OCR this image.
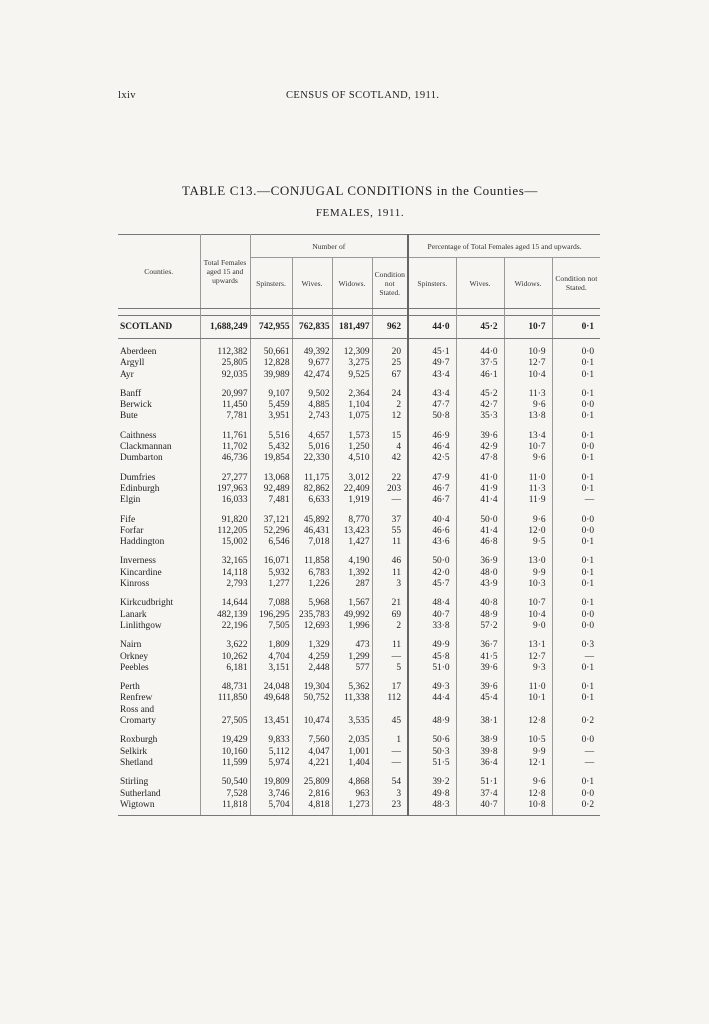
lxiv	CENSUS OF SCOTLAND, 1911.
TABLE C13.—CONJUGAL CONDITIONS in the Counties—
FEMALES, 1911.
Counties.	Total Females aged 15 and upwards	Number of				Percentage of Total Females aged 15 and upwards.			
		Spinsters.	Wives.	Widows.	Condition not Stated.	Spinsters.	Wives.	Widows.	Condition not Stated.

SCOTLAND	1,688,249	742,955	762,835	181,497	962	44·0	45·2	10·7	0·1

Aberdeen	112,382	50,661	49,392	12,309	20	45·1	44·0	10·9	0·0
Argyll	25,805	12,828	9,677	3,275	25	49·7	37·5	12·7	0·1
Ayr	92,035	39,989	42,474	9,525	67	43·4	46·1	10·4	0·1

Banff	20,997	9,107	9,502	2,364	24	43·4	45·2	11·3	0·1
Berwick	11,450	5,459	4,885	1,104	2	47·7	42·7	9·6	0·0
Bute	7,781	3,951	2,743	1,075	12	50·8	35·3	13·8	0·1

Caithness	11,761	5,516	4,657	1,573	15	46·9	39·6	13·4	0·1
Clackmannan	11,702	5,432	5,016	1,250	4	46·4	42·9	10·7	0·0
Dumbarton	46,736	19,854	22,330	4,510	42	42·5	47·8	9·6	0·1

Dumfries	27,277	13,068	11,175	3,012	22	47·9	41·0	11·0	0·1
Edinburgh	197,963	92,489	82,862	22,409	203	46·7	41·9	11·3	0·1
Elgin	16,033	7,481	6,633	1,919	—	46·7	41·4	11·9	—

Fife	91,820	37,121	45,892	8,770	37	40·4	50·0	9·6	0·0
Forfar	112,205	52,296	46,431	13,423	55	46·6	41·4	12·0	0·0
Haddington	15,002	6,546	7,018	1,427	11	43·6	46·8	9·5	0·1

Inverness	32,165	16,071	11,858	4,190	46	50·0	36·9	13·0	0·1
Kincardine	14,118	5,932	6,783	1,392	11	42·0	48·0	9·9	0·1
Kinross	2,793	1,277	1,226	287	3	45·7	43·9	10·3	0·1

Kirkcudbright	14,644	7,088	5,968	1,567	21	48·4	40·8	10·7	0·1
Lanark	482,139	196,295	235,783	49,992	69	40·7	48·9	10·4	0·0
Linlithgow	22,196	7,505	12,693	1,996	2	33·8	57·2	9·0	0·0

Nairn	3,622	1,809	1,329	473	11	49·9	36·7	13·1	0·3
Orkney	10,262	4,704	4,259	1,299	—	45·8	41·5	12·7	—
Peebles	6,181	3,151	2,448	577	5	51·0	39·6	9·3	0·1

Perth	48,731	24,048	19,304	5,362	17	49·3	39·6	11·0	0·1
Renfrew	111,850	49,648	50,752	11,338	112	44·4	45·4	10·1	0·1
Ross and									
Cromarty	27,505	13,451	10,474	3,535	45	48·9	38·1	12·8	0·2

Roxburgh	19,429	9,833	7,560	2,035	1	50·6	38·9	10·5	0·0
Selkirk	10,160	5,112	4,047	1,001	—	50·3	39·8	9·9	—
Shetland	11,599	5,974	4,221	1,404	—	51·5	36·4	12·1	—

Stirling	50,540	19,809	25,809	4,868	54	39·2	51·1	9·6	0·1
Sutherland	7,528	3,746	2,816	963	3	49·8	37·4	12·8	0·0
Wigtown	11,818	5,704	4,818	1,273	23	48·3	40·7	10·8	0·2
